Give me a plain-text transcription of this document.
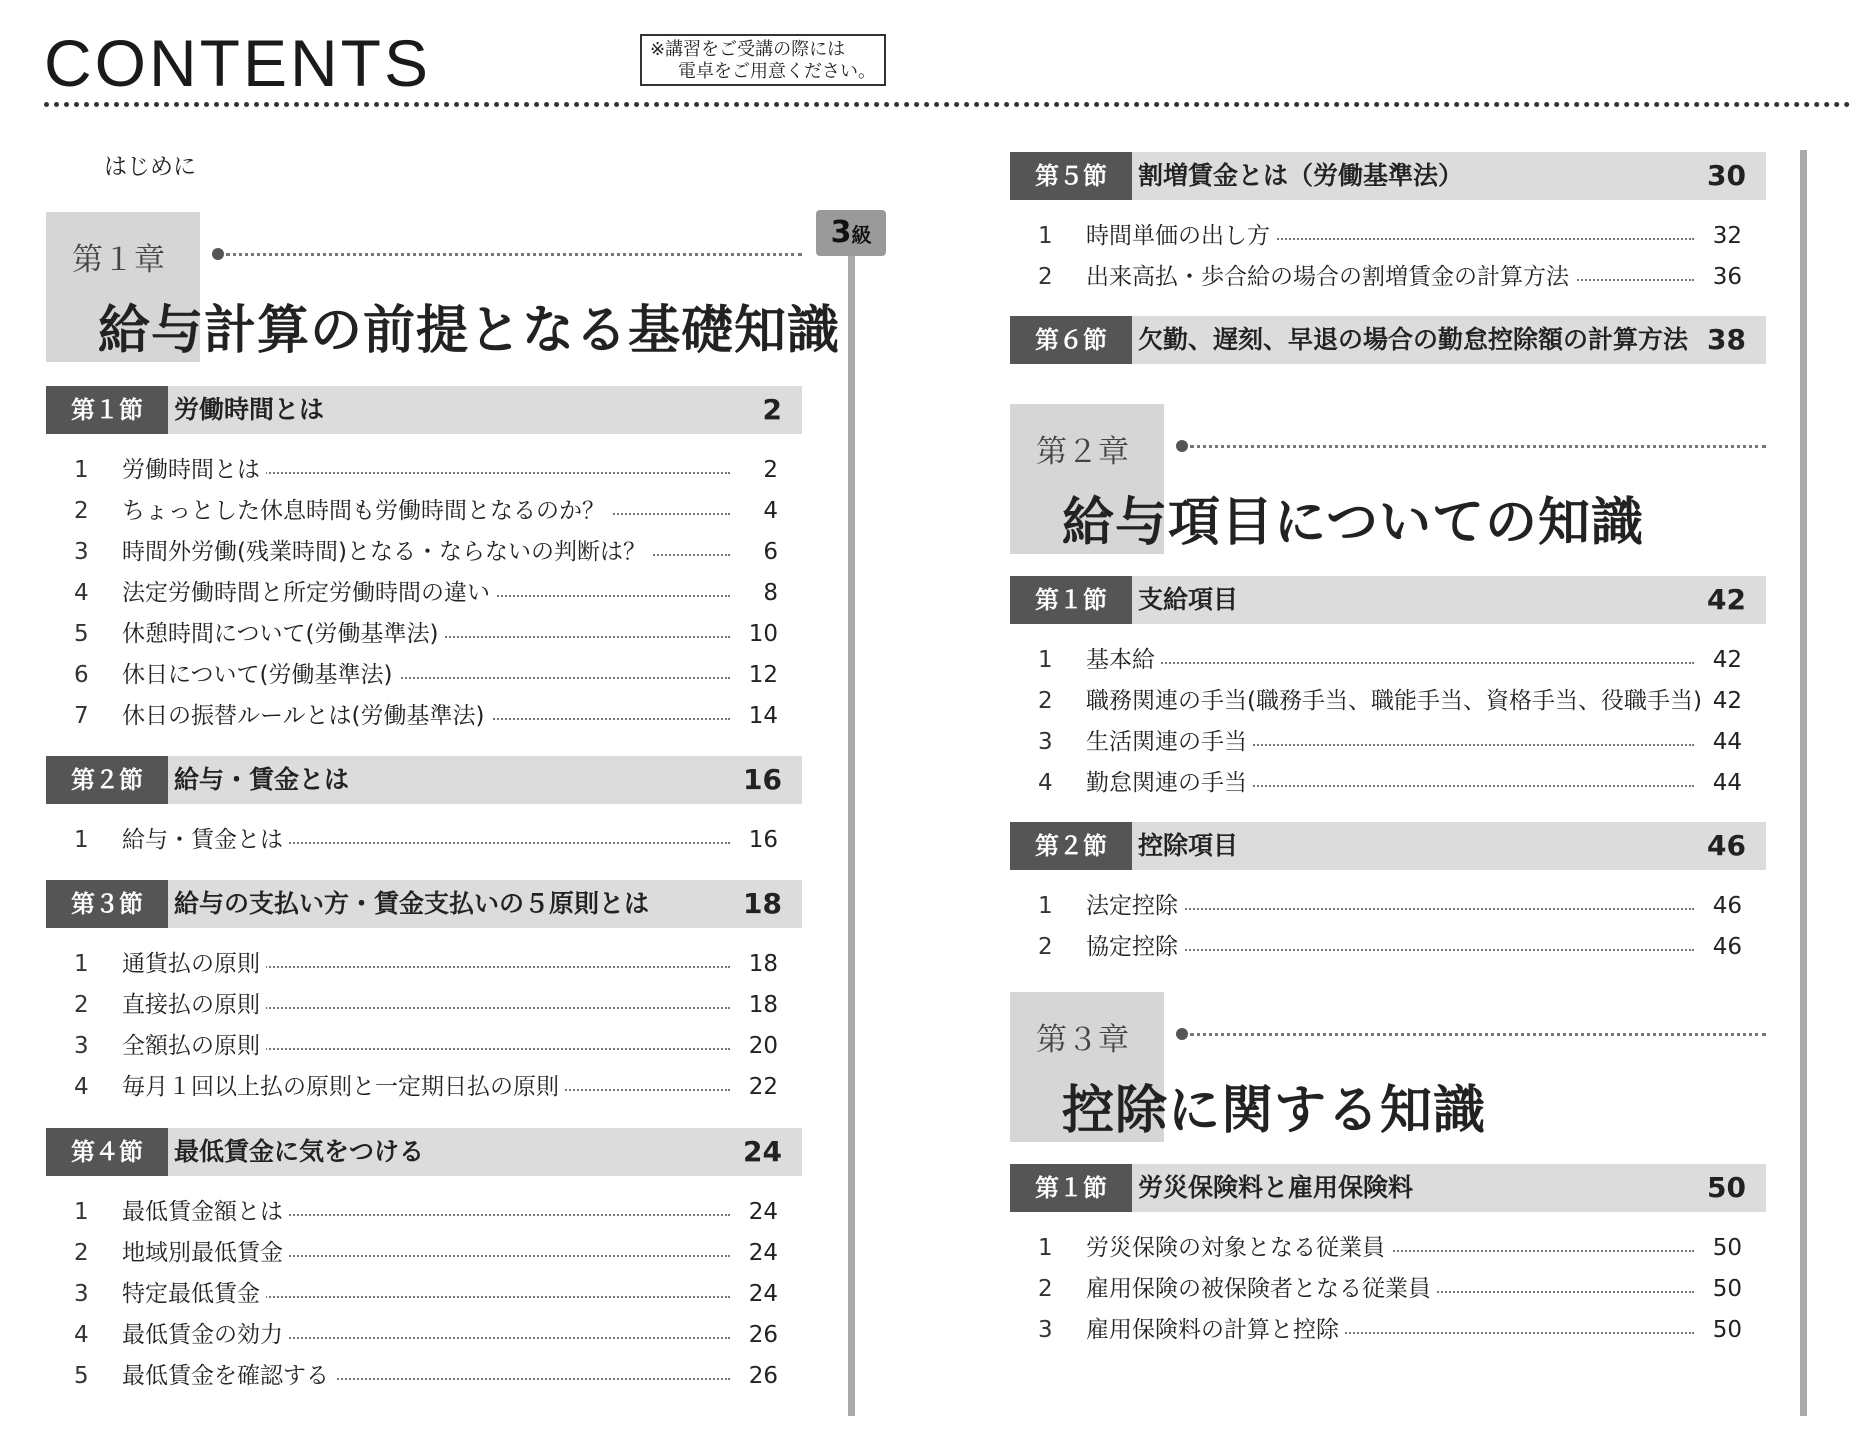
CONTENTS	※講習をご受講の際には
電卓をご用意ください。
はじめに
3級
第１章
給与計算の前提となる基礎知識
第１節	労働時間とは	2
1	労働時間とは	2
2	ちょっとした休息時間も労働時間となるのか？	4
3	時間外労働(残業時間)となる・ならないの判断は？	6
4	法定労働時間と所定労働時間の違い	8
5	休憩時間について(労働基準法)	10
6	休日について(労働基準法)	12
7	休日の振替ルールとは(労働基準法)	14
第２節	給与・賃金とは	16
1	給与・賃金とは	16
第３節	給与の支払い方・賃金支払いの５原則とは	18
1	通貨払の原則	18
2	直接払の原則	18
3	全額払の原則	20
4	毎月１回以上払の原則と一定期日払の原則	22
第４節	最低賃金に気をつける	24
1	最低賃金額とは	24
2	地域別最低賃金	24
3	特定最低賃金	24
4	最低賃金の効力	26
5	最低賃金を確認する	26
第５節	割増賃金とは（労働基準法）	30
1	時間単価の出し方	32
2	出来高払・歩合給の場合の割増賃金の計算方法	36
第６節	欠勤、遅刻、早退の場合の勤怠控除額の計算方法 38
第２章
給与項目についての知識
第１節	支給項目	42
1	基本給	42
2	職務関連の手当(職務手当、職能手当、資格手当、役職手当) 42
3	生活関連の手当	44
4	勤怠関連の手当	44
第２節	控除項目	46
1	法定控除	46
2	協定控除	46
第３章
控除に関する知識
第１節	労災保険料と雇用保険料	50
1	労災保険の対象となる従業員	50
2	雇用保険の被保険者となる従業員	50
3	雇用保険料の計算と控除	50
